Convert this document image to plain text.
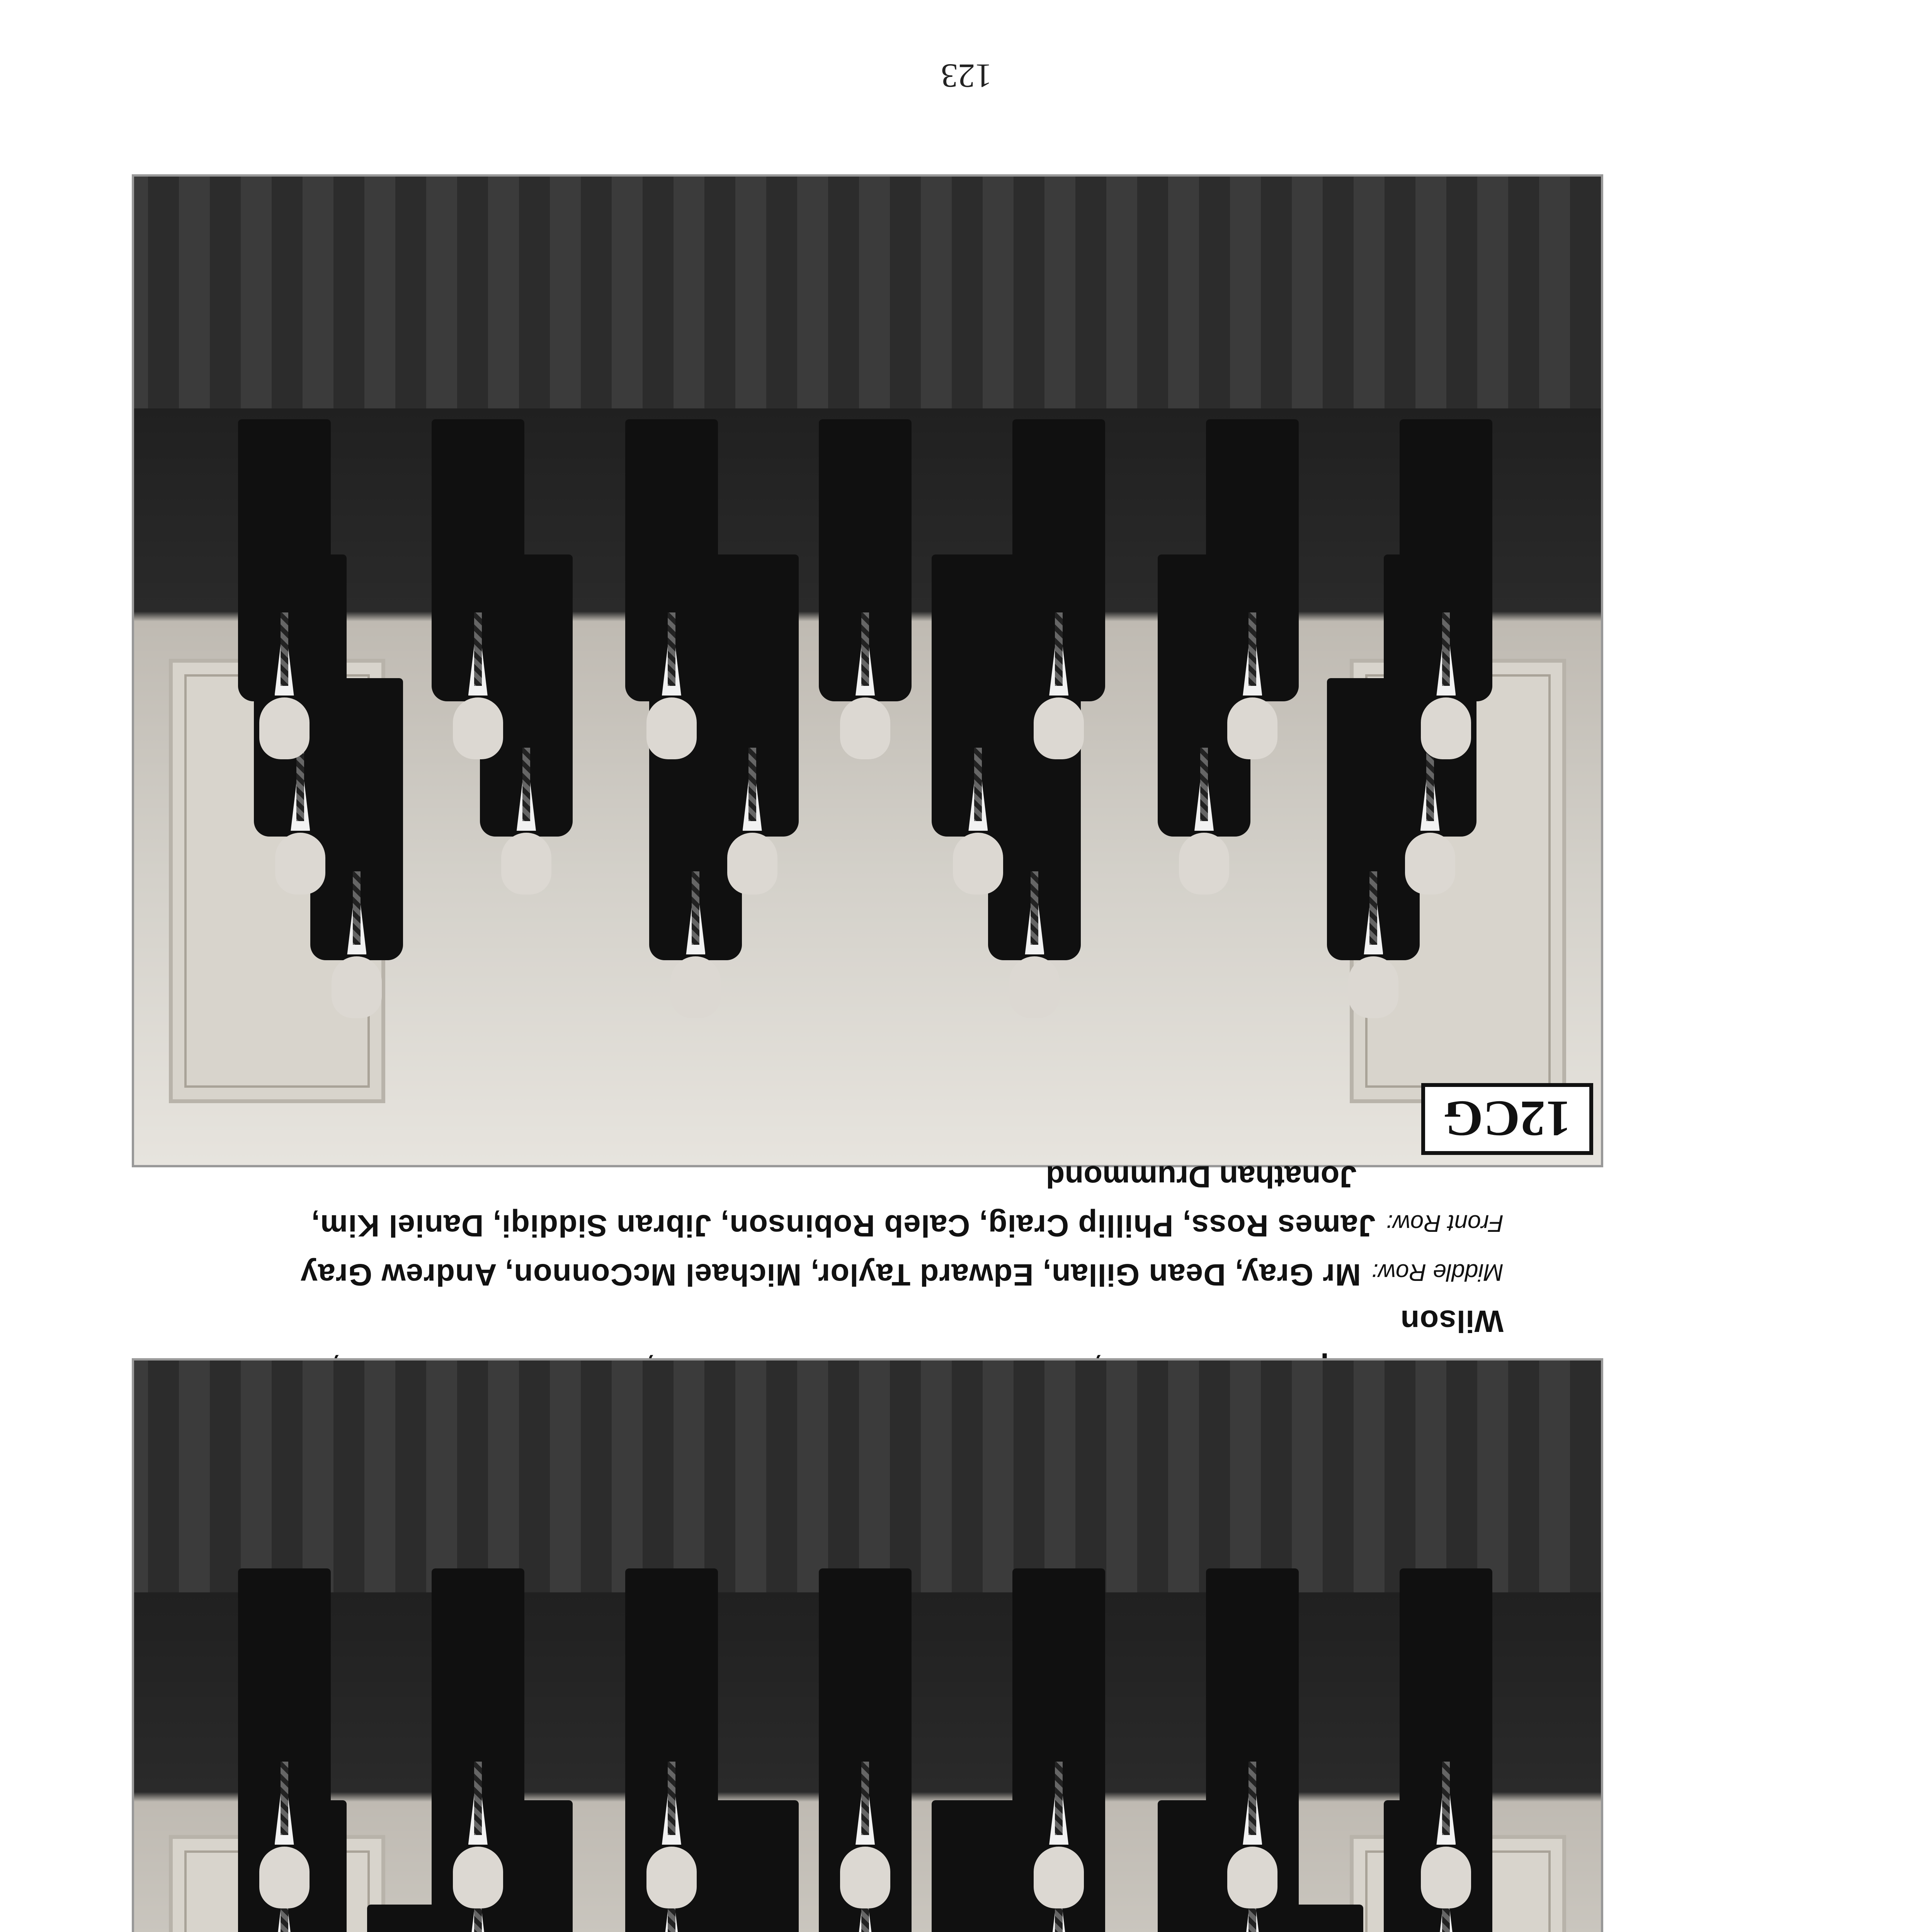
12CG
Wilson
Middle Row:Mr Gray, Dean Gillan, Edward Taylor, Michael McConnon, Andrew Gray
Front Row:James Ross, Phillip Craig, Caleb Robinson, Jibran Siddiqi, Daniel Kim,
Jonathan Drummond
123
